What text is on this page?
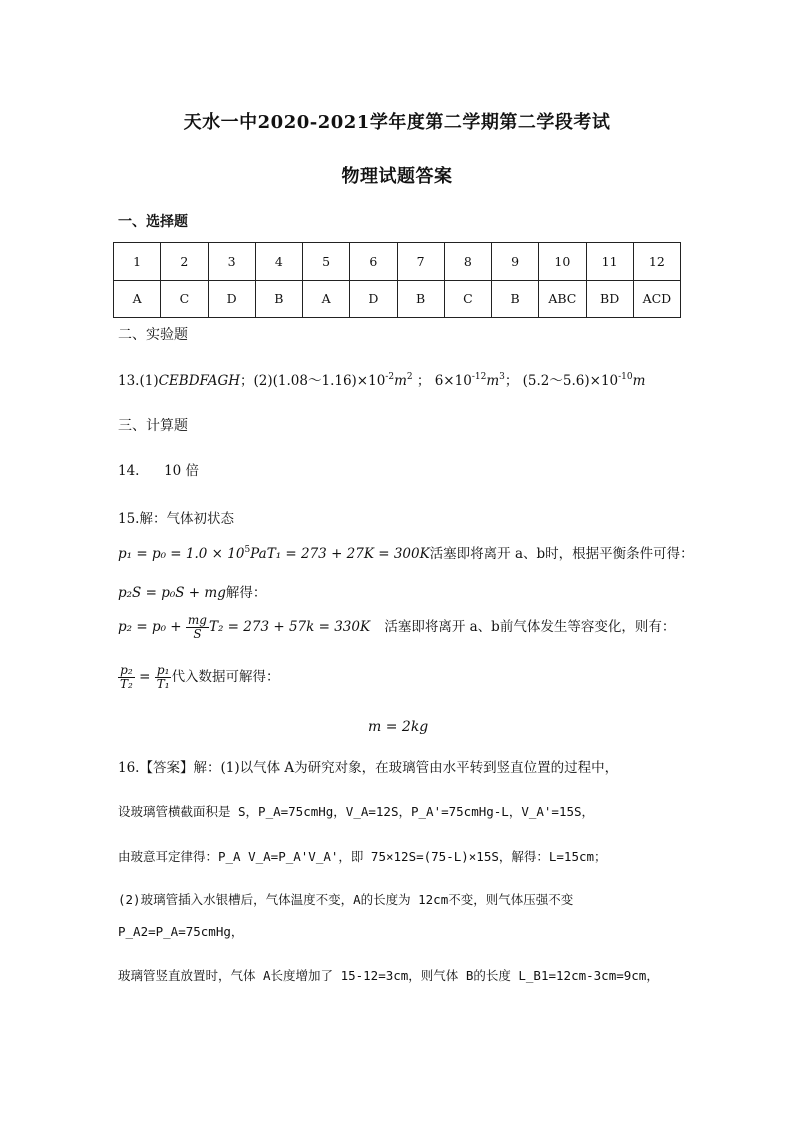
天水一中2020-2021学年度第二学期第二学段考试
物理试题答案
一、选择题
1	2	3	4	5	6	7	8	9	10	11	12
A	C	D	B	A	D	B	C	B	ABC	BD	ACD
二、实验题
13.(1)CEBDFAGH；$(2)(1.08\sim 1.16)\times 10^{-2}m^2$ ； $6\times 10^{-12}m^3$； $(5.2\sim 5.6)\times 10^{-10}m$
三、计算题
14. 10 倍
15.解：气体初状态
$p_1 = p_0 = 1.0 \times 10^5PaT_1 = 273 + 27K = 300K$活塞即将离开 a、b时，根据平衡条件可得：
p₂S = p₀S + mg解得：
$p_2 = p_0 + \frac{mg}{S} T_2 = 273 + 57k = 330K$ 活塞即将离开 a、b前气体发生等容变化，则有：
$\frac{\text{p₂}}{\text{T₂}} = \frac{\text{p₁}}{\text{T₁}}$ 代入数据可解得：
m = 2kg
16.【答案】解：(1)以气体 A为研究对象，在玻璃管由水平转到竖直位置的过程中，
设玻璃管横截面积是 S，P_A=75cmHg，V_A=12S，P_A'=75cmHg-L，V_A'=15S，
由玻意耳定律得：P_A V_A=P_A'V_A'，即 75×12S=(75-L)×15S，解得：L=15cm；
(2)玻璃管插入水银槽后，气体温度不变，A的长度为 12cm不变，则气体压强不变
P_A2=P_A=75cmHg，
玻璃管竖直放置时，气体 A长度增加了 15-12=3cm，则气体 B的长度 L_B1=12cm-3cm=9cm，
